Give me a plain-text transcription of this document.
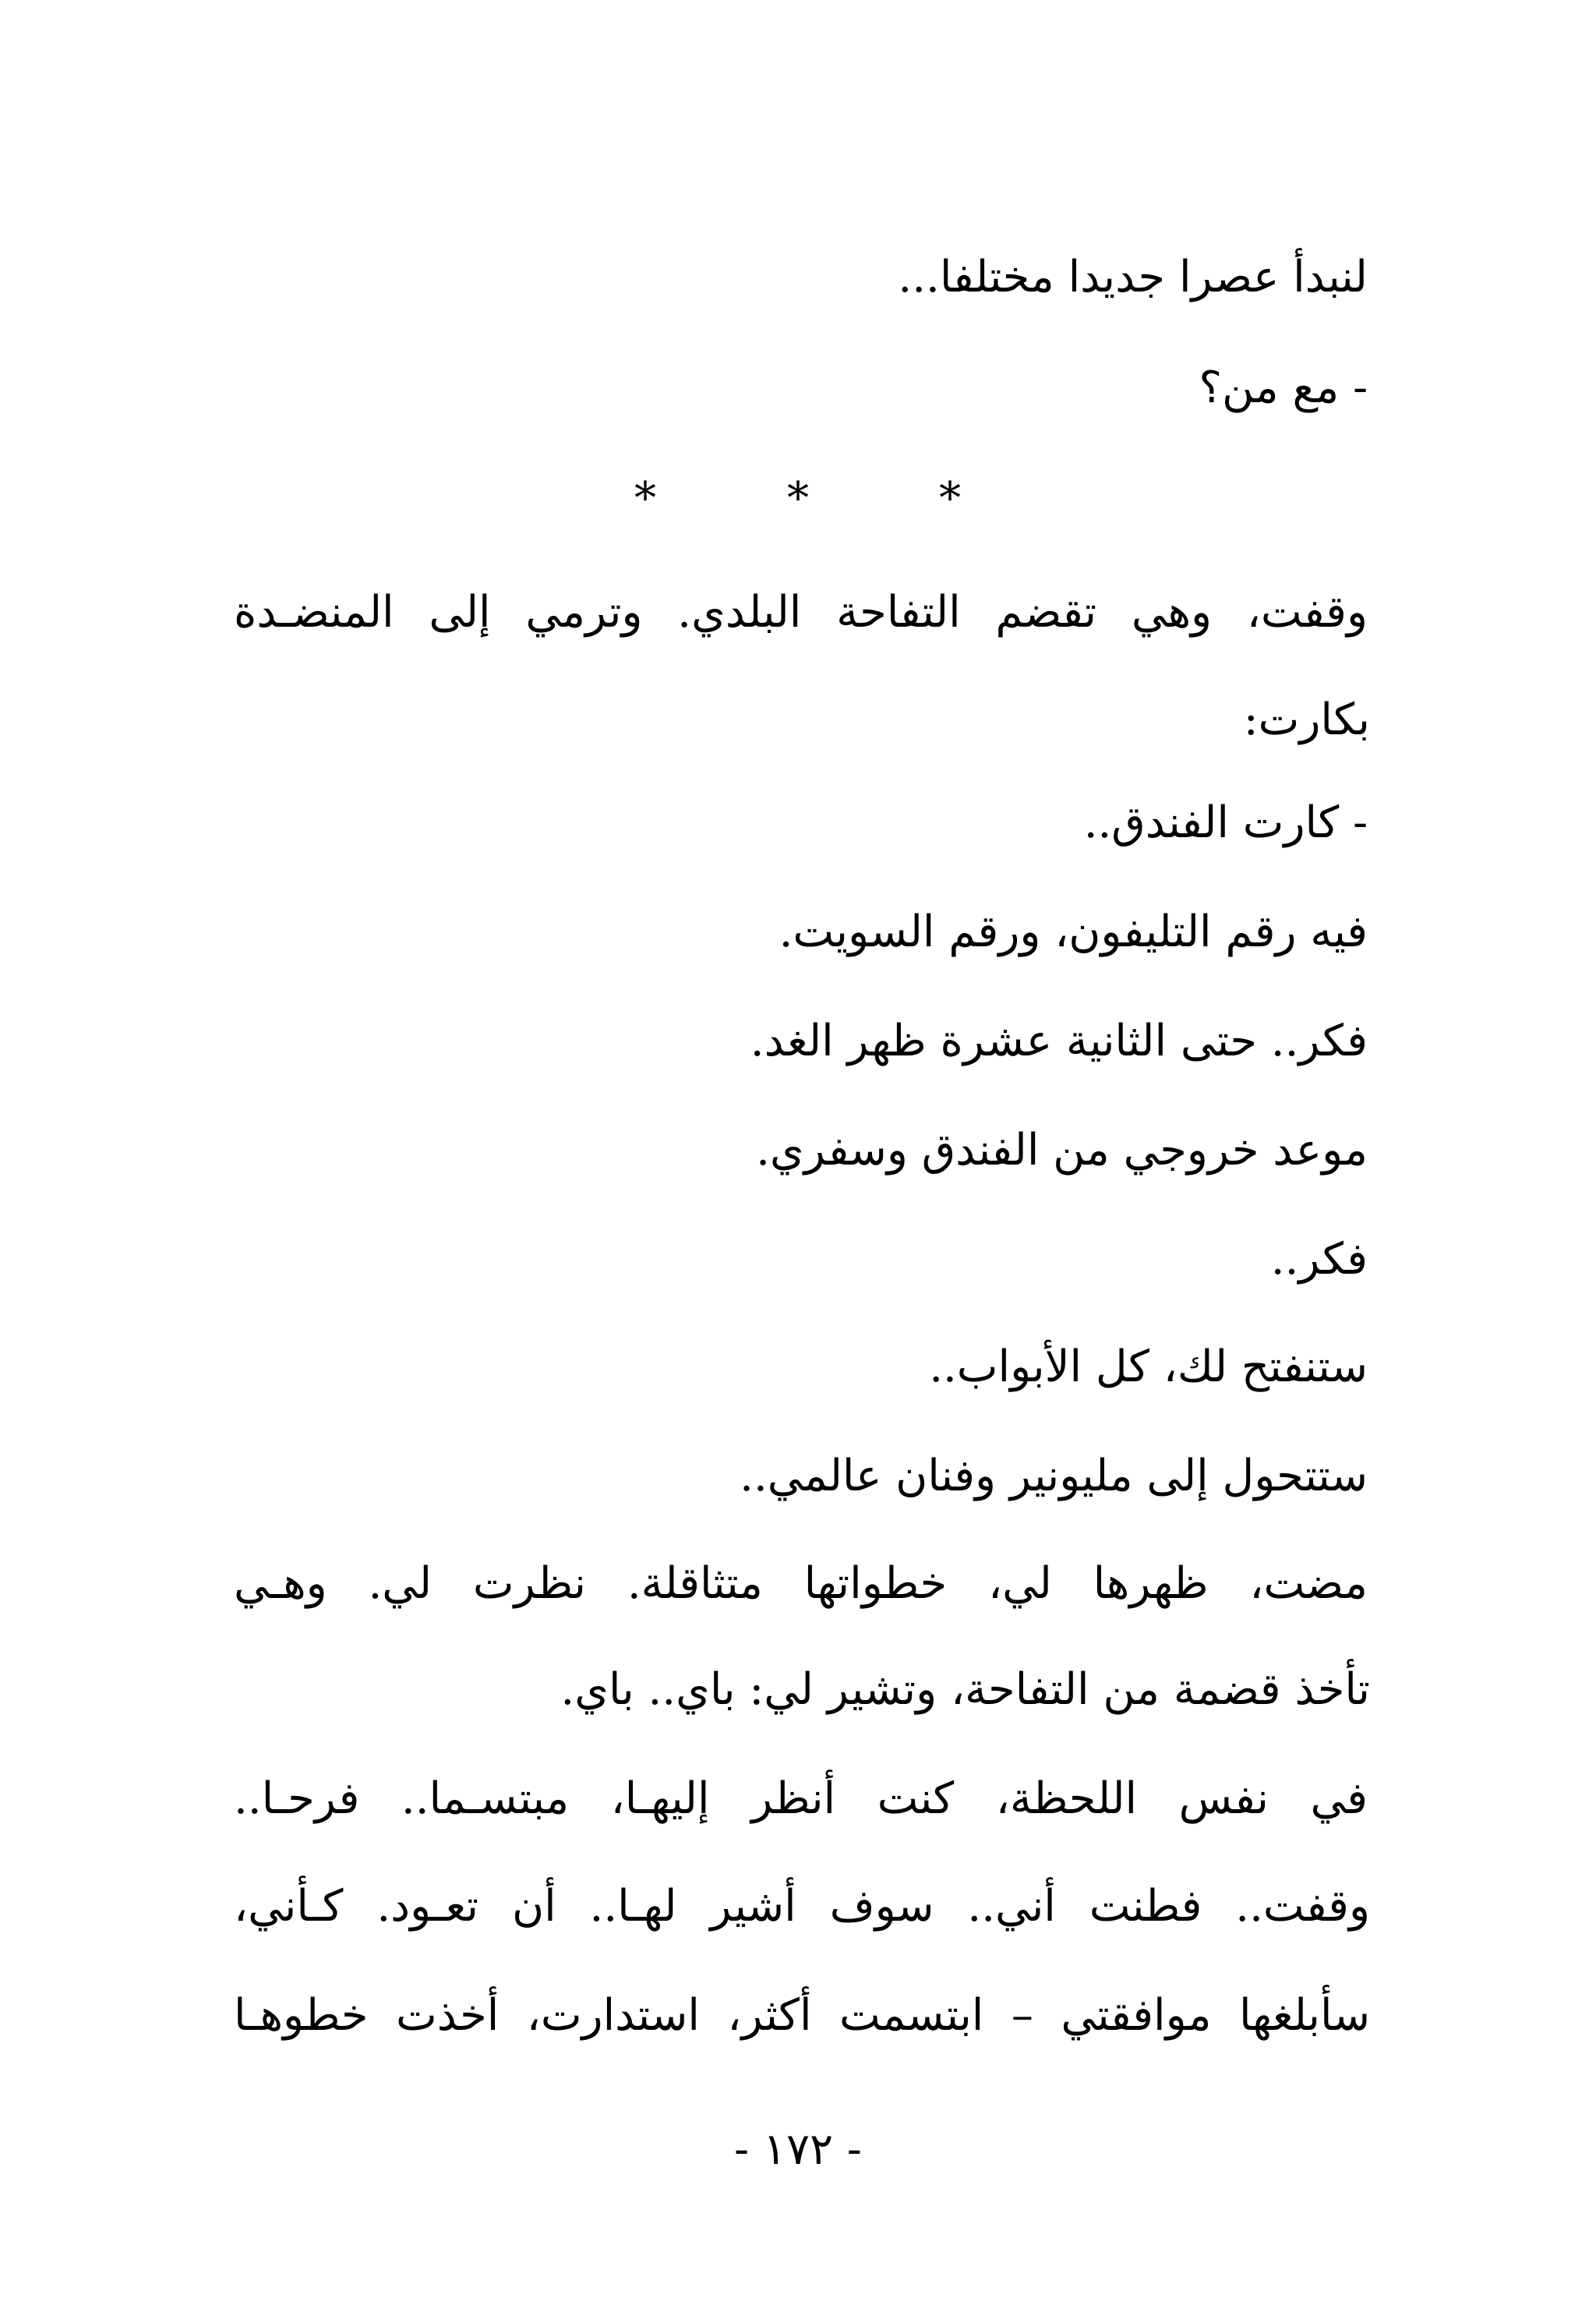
لنبدأ عصرا جديدا مختلفا...
- مع من؟
*
*
*
وقفت، وهي تقضم التفاحة البلدي. وترمي إلى المنضـدة
بكارت:
- كارت الفندق..
فيه رقم التليفون، ورقم السويت.
فكر.. حتى الثانية عشرة ظهر الغد.
موعد خروجي من الفندق وسفري.
فكر..
ستنفتح لك، كل الأبواب..
ستتحول إلى مليونير وفنان عالمي..
مضت، ظهرها لي، خطواتها متثاقلة. نظرت لي. وهـي
تأخذ قضمة من التفاحة، وتشير لي: باي.. باي.
في نفس اللحظة، كنت أنظر إليهـا، مبتسـما.. فرحـا..
وقفت.. فطنت أني.. سوف أشير لهـا.. أن تعـود. كـأني،
سأبلغها موافقتي – ابتسمت أكثر، استدارت، أخذت خطوهـا
- ١٧٢ -
